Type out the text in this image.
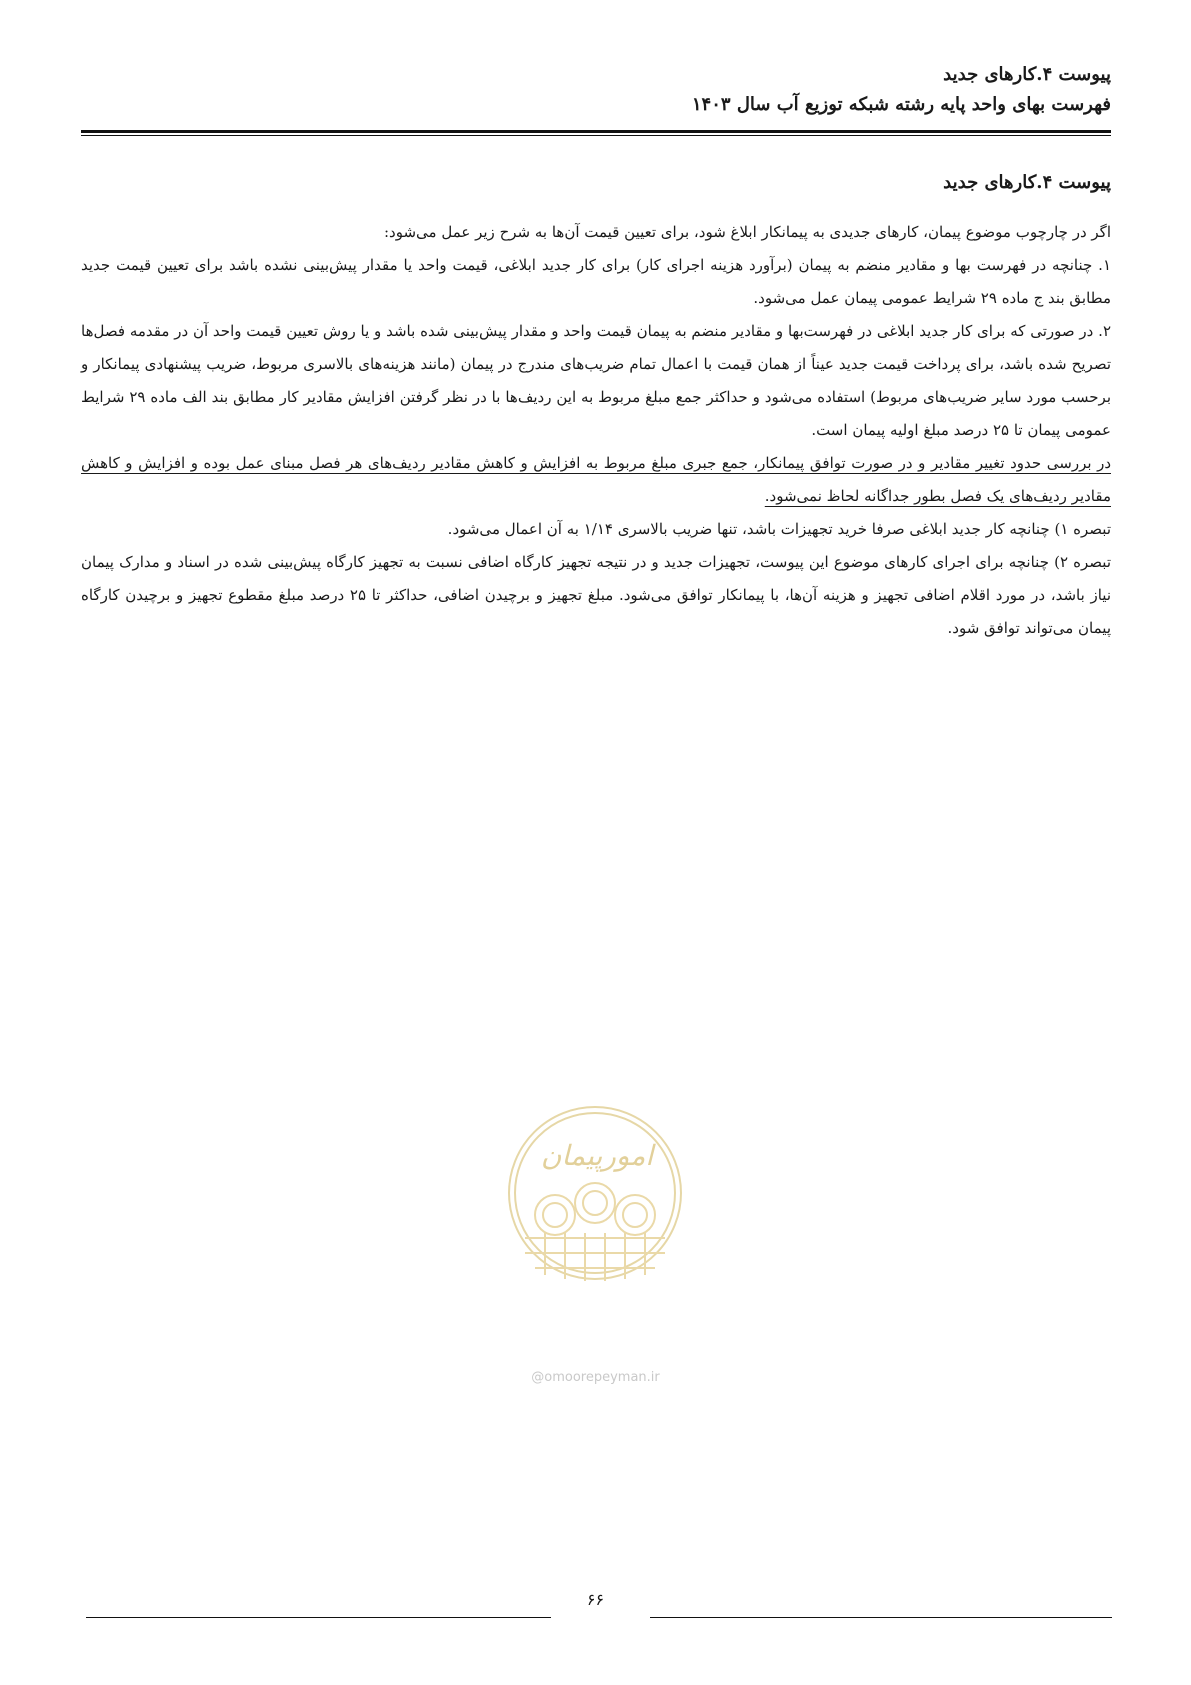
پیوست ۴.کارهای جدید
فهرست بهای واحد پایه رشته شبکه توزیع آب سال ۱۴۰۳
پیوست ۴.کارهای جدید

اگر در چارچوب موضوع پیمان، کارهای جدیدی به پیمانکار ابلاغ شود، برای تعیین قیمت آن‌ها به شرح زیر عمل می‌شود:

۱. چنانچه در فهرست بها و مقادیر منضم به پیمان (برآورد هزینه اجرای کار) برای کار جدید ابلاغی، قیمت واحد یا مقدار پیش‌بینی نشده باشد برای تعیین قیمت جدید مطابق بند ج ماده ۲۹ شرایط عمومی پیمان عمل می‌شود.

۲. در صورتی که برای کار جدید ابلاغی در فهرست‌بها و مقادیر منضم به پیمان قیمت واحد و مقدار پیش‌بینی شده باشد و یا روش تعیین قیمت واحد آن در مقدمه فصل‌ها تصریح شده باشد، برای پرداخت قیمت جدید عیناً از همان قیمت با اعمال تمام ضریب‌های مندرج در پیمان (مانند هزینه‌های بالاسری مربوط، ضریب پیشنهادی پیمانکار و برحسب مورد سایر ضریب‌های مربوط) استفاده می‌شود و حداکثر جمع مبلغ مربوط به این ردیف‌ها با در نظر گرفتن افزایش مقادیر کار مطابق بند الف ماده ۲۹ شرایط عمومی پیمان تا ۲۵ درصد مبلغ اولیه پیمان است.

در بررسی حدود تغییر مقادیر و در صورت توافق پیمانکار، جمع جبری مبلغ مربوط به افزایش و کاهش مقادیر ردیف‌های هر فصل مبنای عمل بوده و افزایش و کاهش مقادیر ردیف‌های یک فصل بطور جداگانه لحاظ نمی‌شود.

تبصره ۱) چنانچه کار جدید ابلاغی صرفا خرید تجهیزات باشد، تنها ضریب بالاسری ۱/۱۴ به آن اعمال می‌شود.

تبصره ۲) چنانچه برای اجرای کارهای موضوع این پیوست، تجهیزات جدید و در نتیجه تجهیز کارگاه اضافی نسبت به تجهیز کارگاه پیش‌بینی شده در اسناد و مدارک پیمان نیاز باشد، در مورد اقلام اضافی تجهیز و هزینه آن‌ها، با پیمانکار توافق می‌شود. مبلغ تجهیز و برچیدن اضافی، حداکثر تا ۲۵ درصد مبلغ مقطوع تجهیز و برچیدن کارگاه پیمان می‌تواند توافق شود.

امورپیمان
@omoorepeyman.ir
۶۶
